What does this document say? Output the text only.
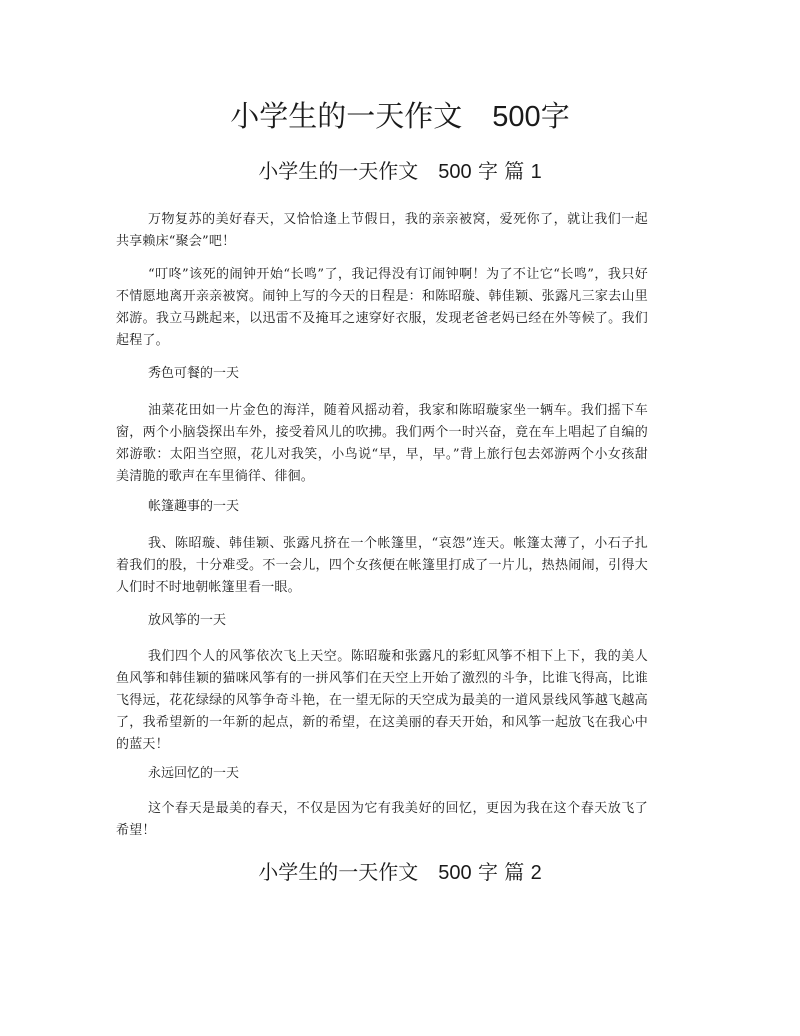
小学生的一天作文 500字
小学生的一天作文 500 字 篇 1

万物复苏的美好春天，又恰恰逢上节假日，我的亲亲被窝，爱死你了，就让我们一起共享赖床“聚会”吧！

“叮咚”该死的闹钟开始“长鸣”了，我记得没有订闹钟啊！为了不让它“长鸣”，我只好不情愿地离开亲亲被窝。闹钟上写的今天的日程是：和陈昭璇、韩佳颖、张露凡三家去山里郊游。我立马跳起来，以迅雷不及掩耳之速穿好衣服，发现老爸老妈已经在外等候了。我们起程了。

秀色可餐的一天

油菜花田如一片金色的海洋，随着风摇动着，我家和陈昭璇家坐一辆车。我们摇下车窗，两个小脑袋探出车外，接受着风儿的吹拂。我们两个一时兴奋，竟在车上唱起了自编的郊游歌：太阳当空照，花儿对我笑，小鸟说“早，早，早。”背上旅行包去郊游两个小女孩甜美清脆的歌声在车里徜徉、徘徊。

帐篷趣事的一天

我、陈昭璇、韩佳颖、张露凡挤在一个帐篷里，“哀怨”连天。帐篷太薄了，小石子扎着我们的股，十分难受。不一会儿，四个女孩便在帐篷里打成了一片儿，热热闹闹，引得大人们时不时地朝帐篷里看一眼。

放风筝的一天

我们四个人的风筝依次飞上天空。陈昭璇和张露凡的彩虹风筝不相下上下，我的美人鱼风筝和韩佳颖的猫咪风筝有的一拼风筝们在天空上开始了激烈的斗争，比谁飞得高，比谁飞得远，花花绿绿的风筝争奇斗艳，在一望无际的天空成为最美的一道风景线风筝越飞越高了，我希望新的一年新的起点，新的希望，在这美丽的春天开始，和风筝一起放飞在我心中的蓝天！

永远回忆的一天

这个春天是最美的春天，不仅是因为它有我美好的回忆，更因为我在这个春天放飞了希望！

小学生的一天作文 500 字 篇 2
